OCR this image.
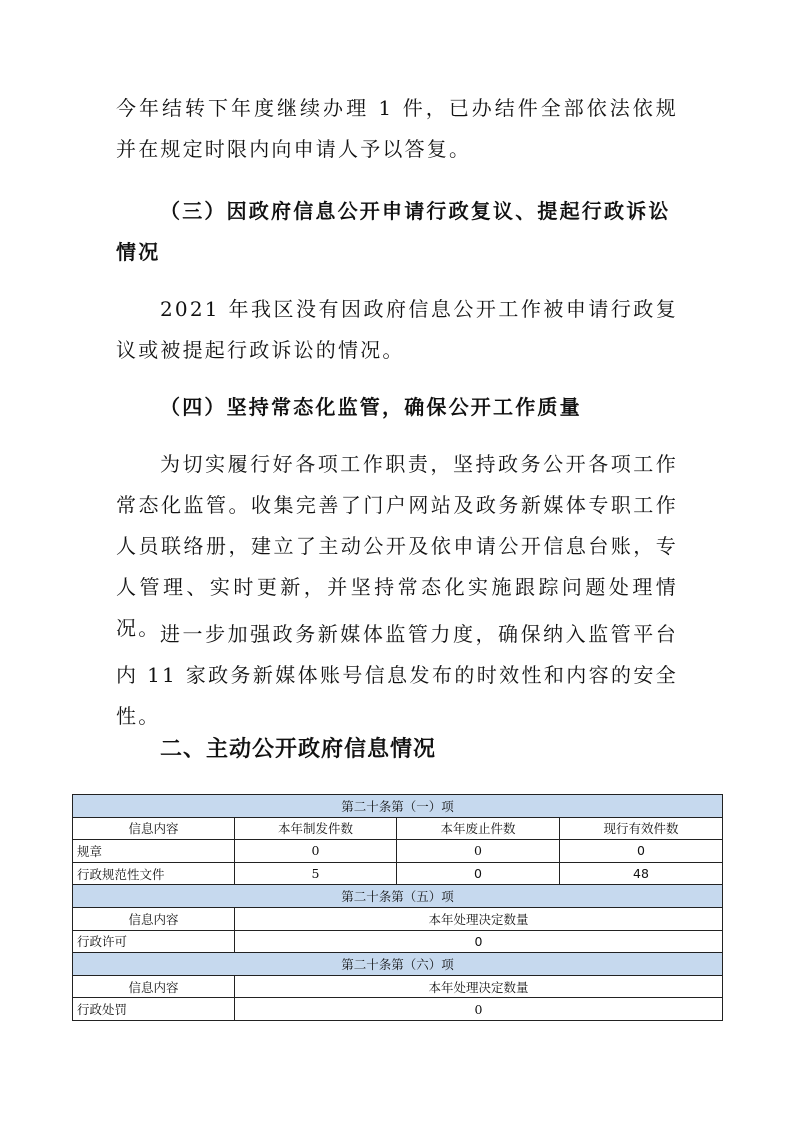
今年结转下年度继续办理 1 件，已办结件全部依法依规并在规定时限内向申请人予以答复。

（三）因政府信息公开申请行政复议、提起行政诉讼情况

2021 年我区没有因政府信息公开工作被申请行政复议或被提起行政诉讼的情况。

（四）坚持常态化监管，确保公开工作质量

为切实履行好各项工作职责，坚持政务公开各项工作常态化监管。收集完善了门户网站及政务新媒体专职工作人员联络册，建立了主动公开及依申请公开信息台账，专人管理、实时更新，并坚持常态化实施跟踪问题处理情况。 进一步加强政务新媒体监管力度，确保纳入监管平台内 11 家政务新媒体账号信息发布的时效性和内容的安全性。

二、主动公开政府信息情况
第二十条第（一）项			
信息内容	本年制发件数	本年废止件数	现行有效件数
规章	0	0	0
行政规范性文件	5	0	48
第二十条第（五）项			
信息内容	本年处理决定数量		
行政许可	0		
第二十条第（六）项			
信息内容	本年处理决定数量		
行政处罚	0		
